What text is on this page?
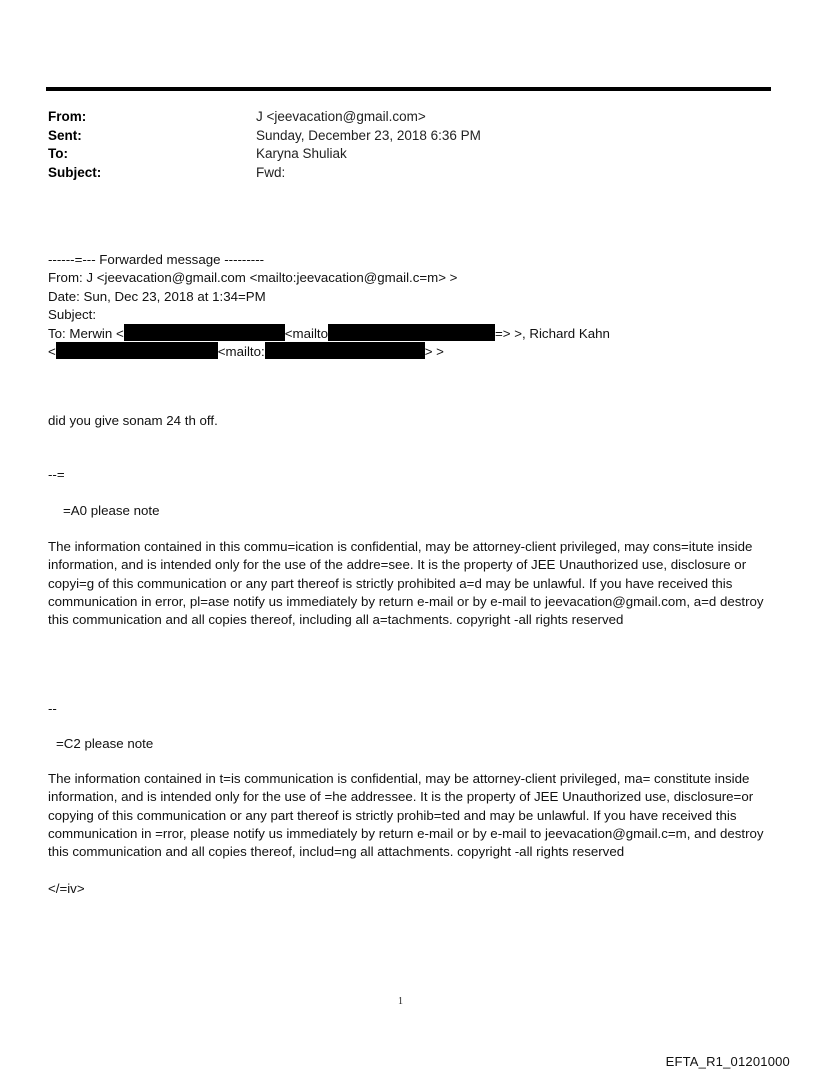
From:	J <jeevacation@gmail.com>
Sent:	Sunday, December 23, 2018 6:36 PM
To:	Karyna Shuliak
Subject:	Fwd:
------=--- Forwarded message ---------
From: J <jeevacation@gmail.com <mailto:jeevacation@gmail.c=m> >
Date: Sun, Dec 23, 2018 at 1:34=PM
Subject:
To: Merwin <	<mailto	=> >, Richard Kahn
<	<mailto:	> >
did you give sonam 24 th off.
--=
=A0 please note
The information contained in this commu=ication is confidential, may be attorney-client privileged, may cons=itute inside information, and is intended only for the use of the addre=see. It is the property of JEE Unauthorized use, disclosure or copyi=g of this communication or any part thereof is strictly prohibited a=d may be unlawful. If you have received this communication in error, pl=ase notify us immediately by return e-mail or by e-mail to jeevacation@gmail.com, a=d destroy this communication and all copies thereof, including all a=tachments. copyright -all rights reserved
--
=C2 please note
The information contained in t=is communication is confidential, may be attorney-client privileged, ma= constitute inside information, and is intended only for the use of =he addressee. It is the property of JEE Unauthorized use, disclosure=or copying of this communication or any part thereof is strictly prohib=ted and may be unlawful. If you have received this communication in =rror, please notify us immediately by return e-mail or by e-mail to jeevacation@gmail.c=m, and destroy this communication and all copies thereof, includ=ng all attachments. copyright -all rights reserved
</=iv>
1
EFTA_R1_01201000
